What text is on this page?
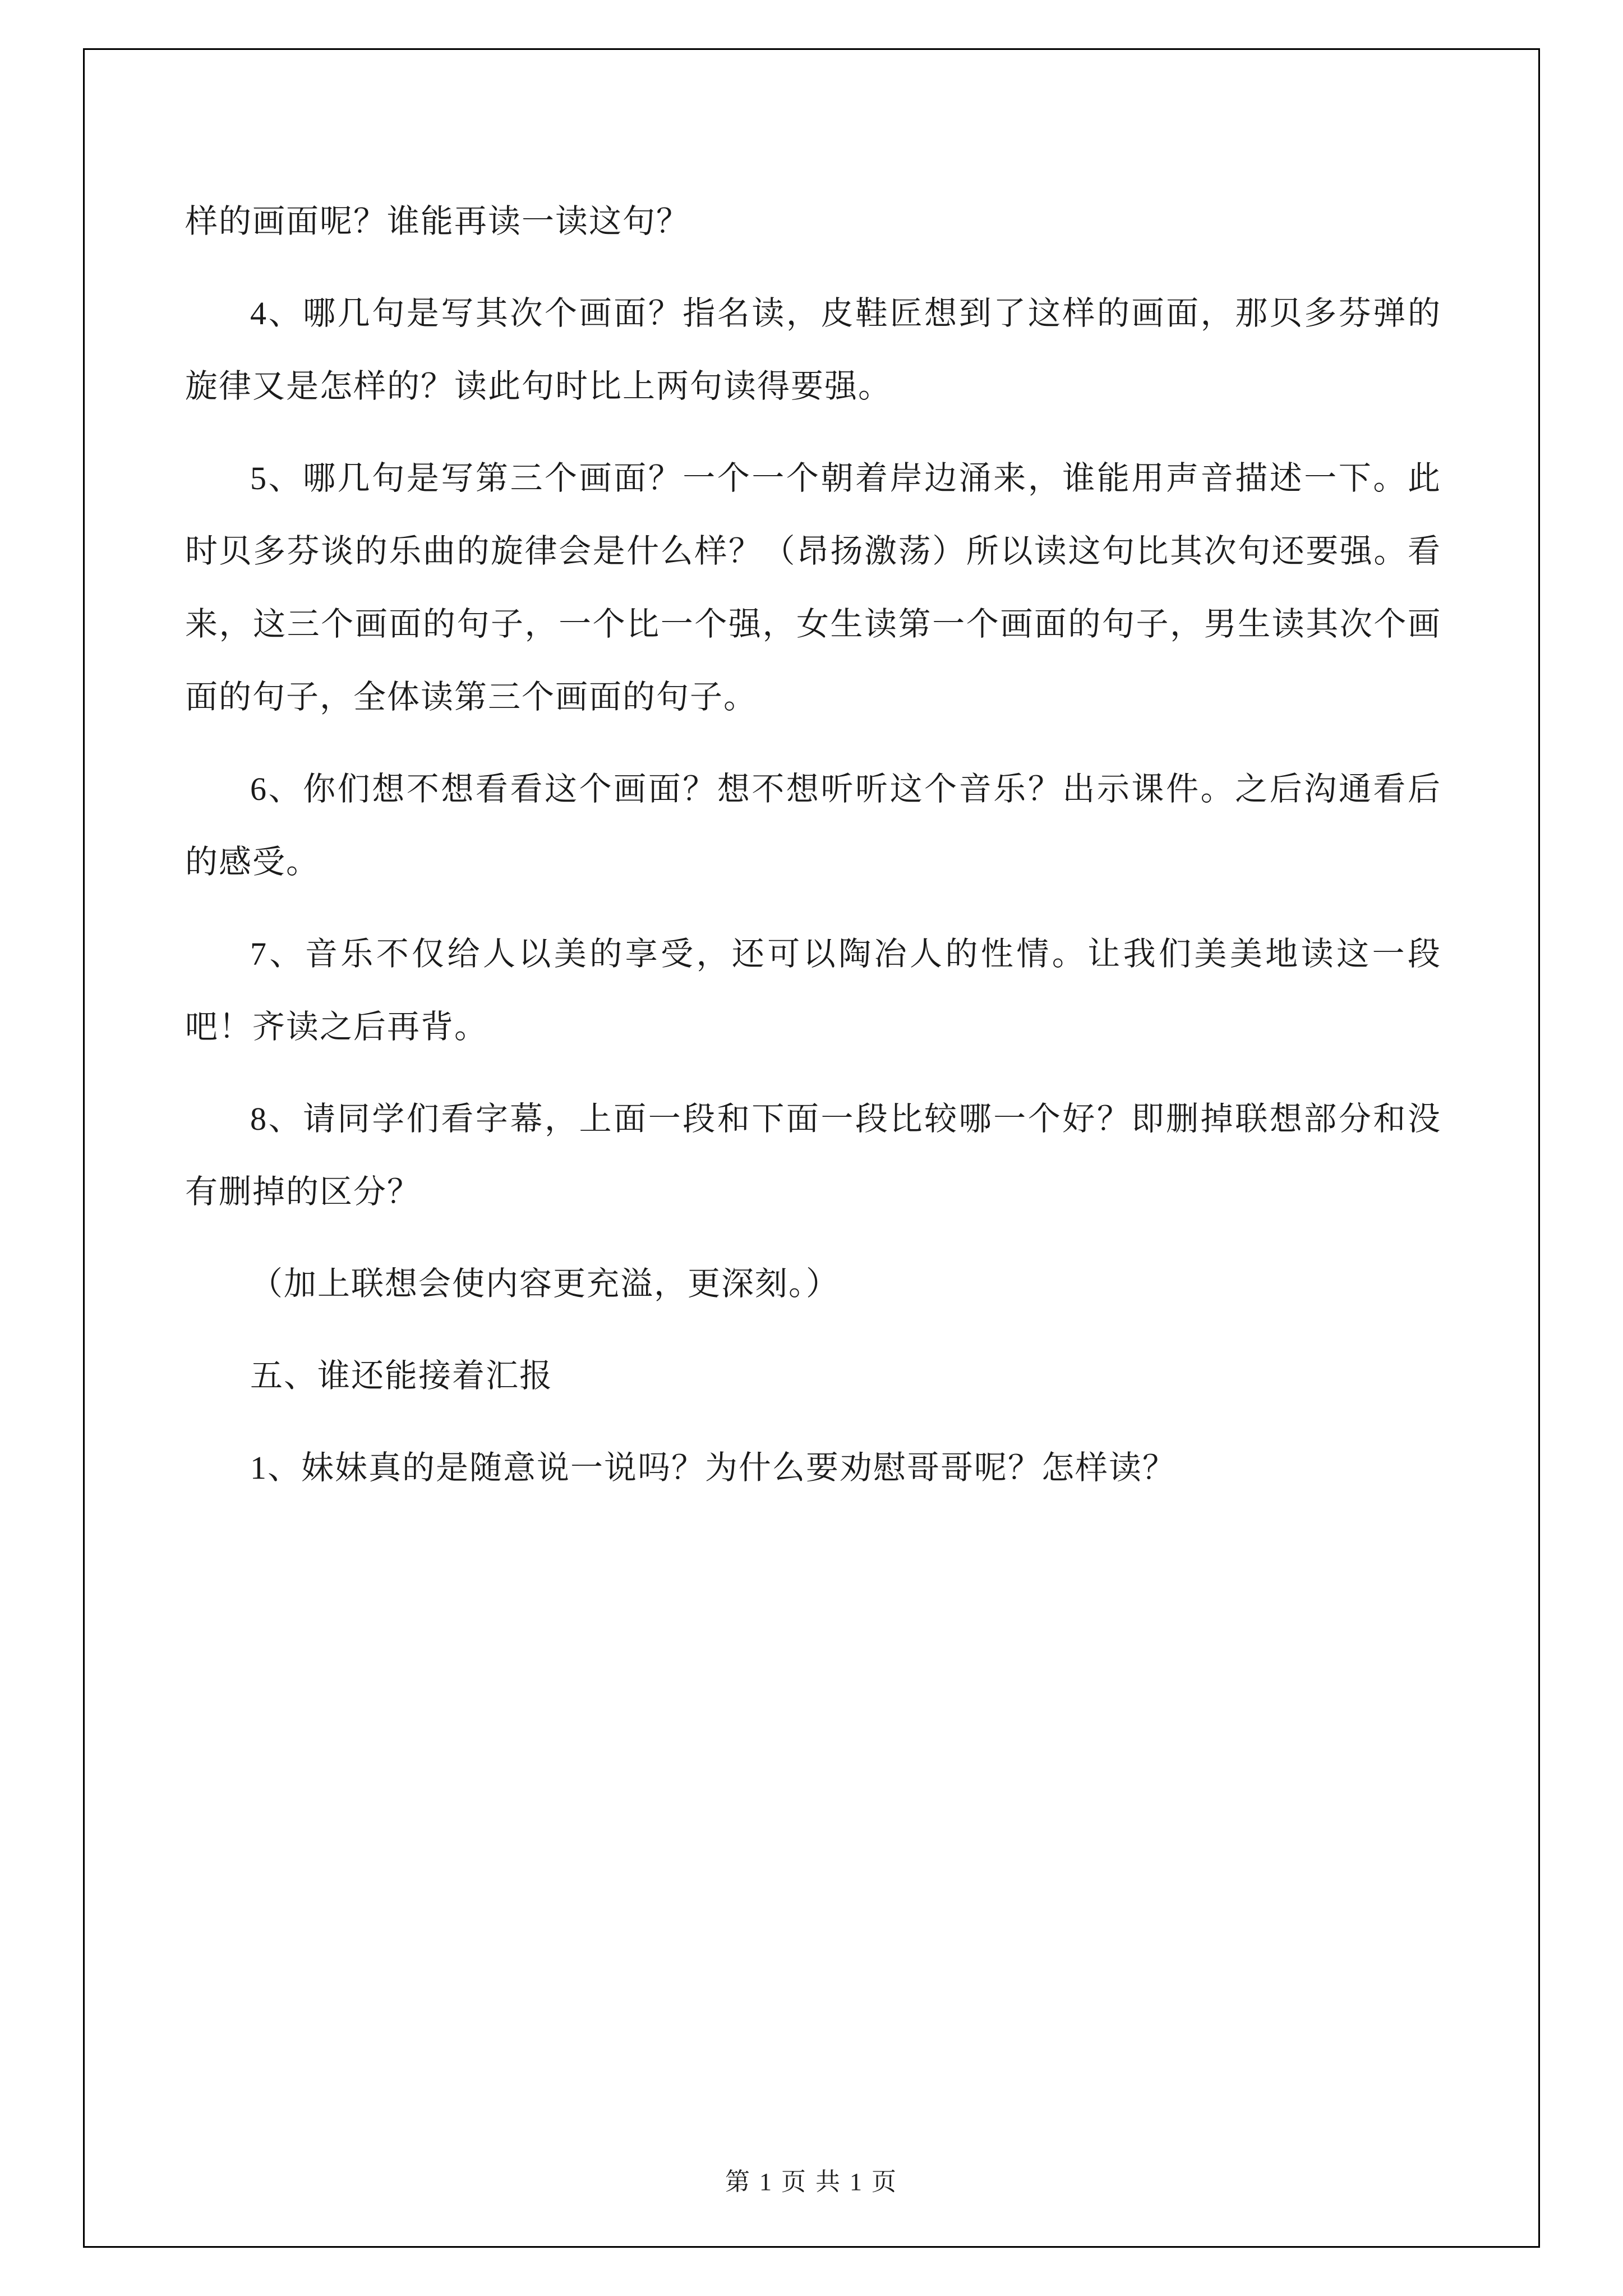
样的画面呢？谁能再读一读这句？

4、哪几句是写其次个画面？指名读，皮鞋匠想到了这样的画面，那贝多芬弹的旋律又是怎样的？读此句时比上两句读得要强。

5、哪几句是写第三个画面？一个一个朝着岸边涌来，谁能用声音描述一下。此时贝多芬谈的乐曲的旋律会是什么样？（昂扬激荡）所以读这句比其次句还要强。看来，这三个画面的句子，一个比一个强，女生读第一个画面的句子，男生读其次个画面的句子，全体读第三个画面的句子。

6、你们想不想看看这个画面？想不想听听这个音乐？出示课件。之后沟通看后的感受。

7、音乐不仅给人以美的享受，还可以陶冶人的性情。让我们美美地读这一段吧！齐读之后再背。

8、请同学们看字幕，上面一段和下面一段比较哪一个好？即删掉联想部分和没有删掉的区分？

（加上联想会使内容更充溢，更深刻。）

五、谁还能接着汇报

1、妹妹真的是随意说一说吗？为什么要劝慰哥哥呢？怎样读？

第 1 页 共 1 页
